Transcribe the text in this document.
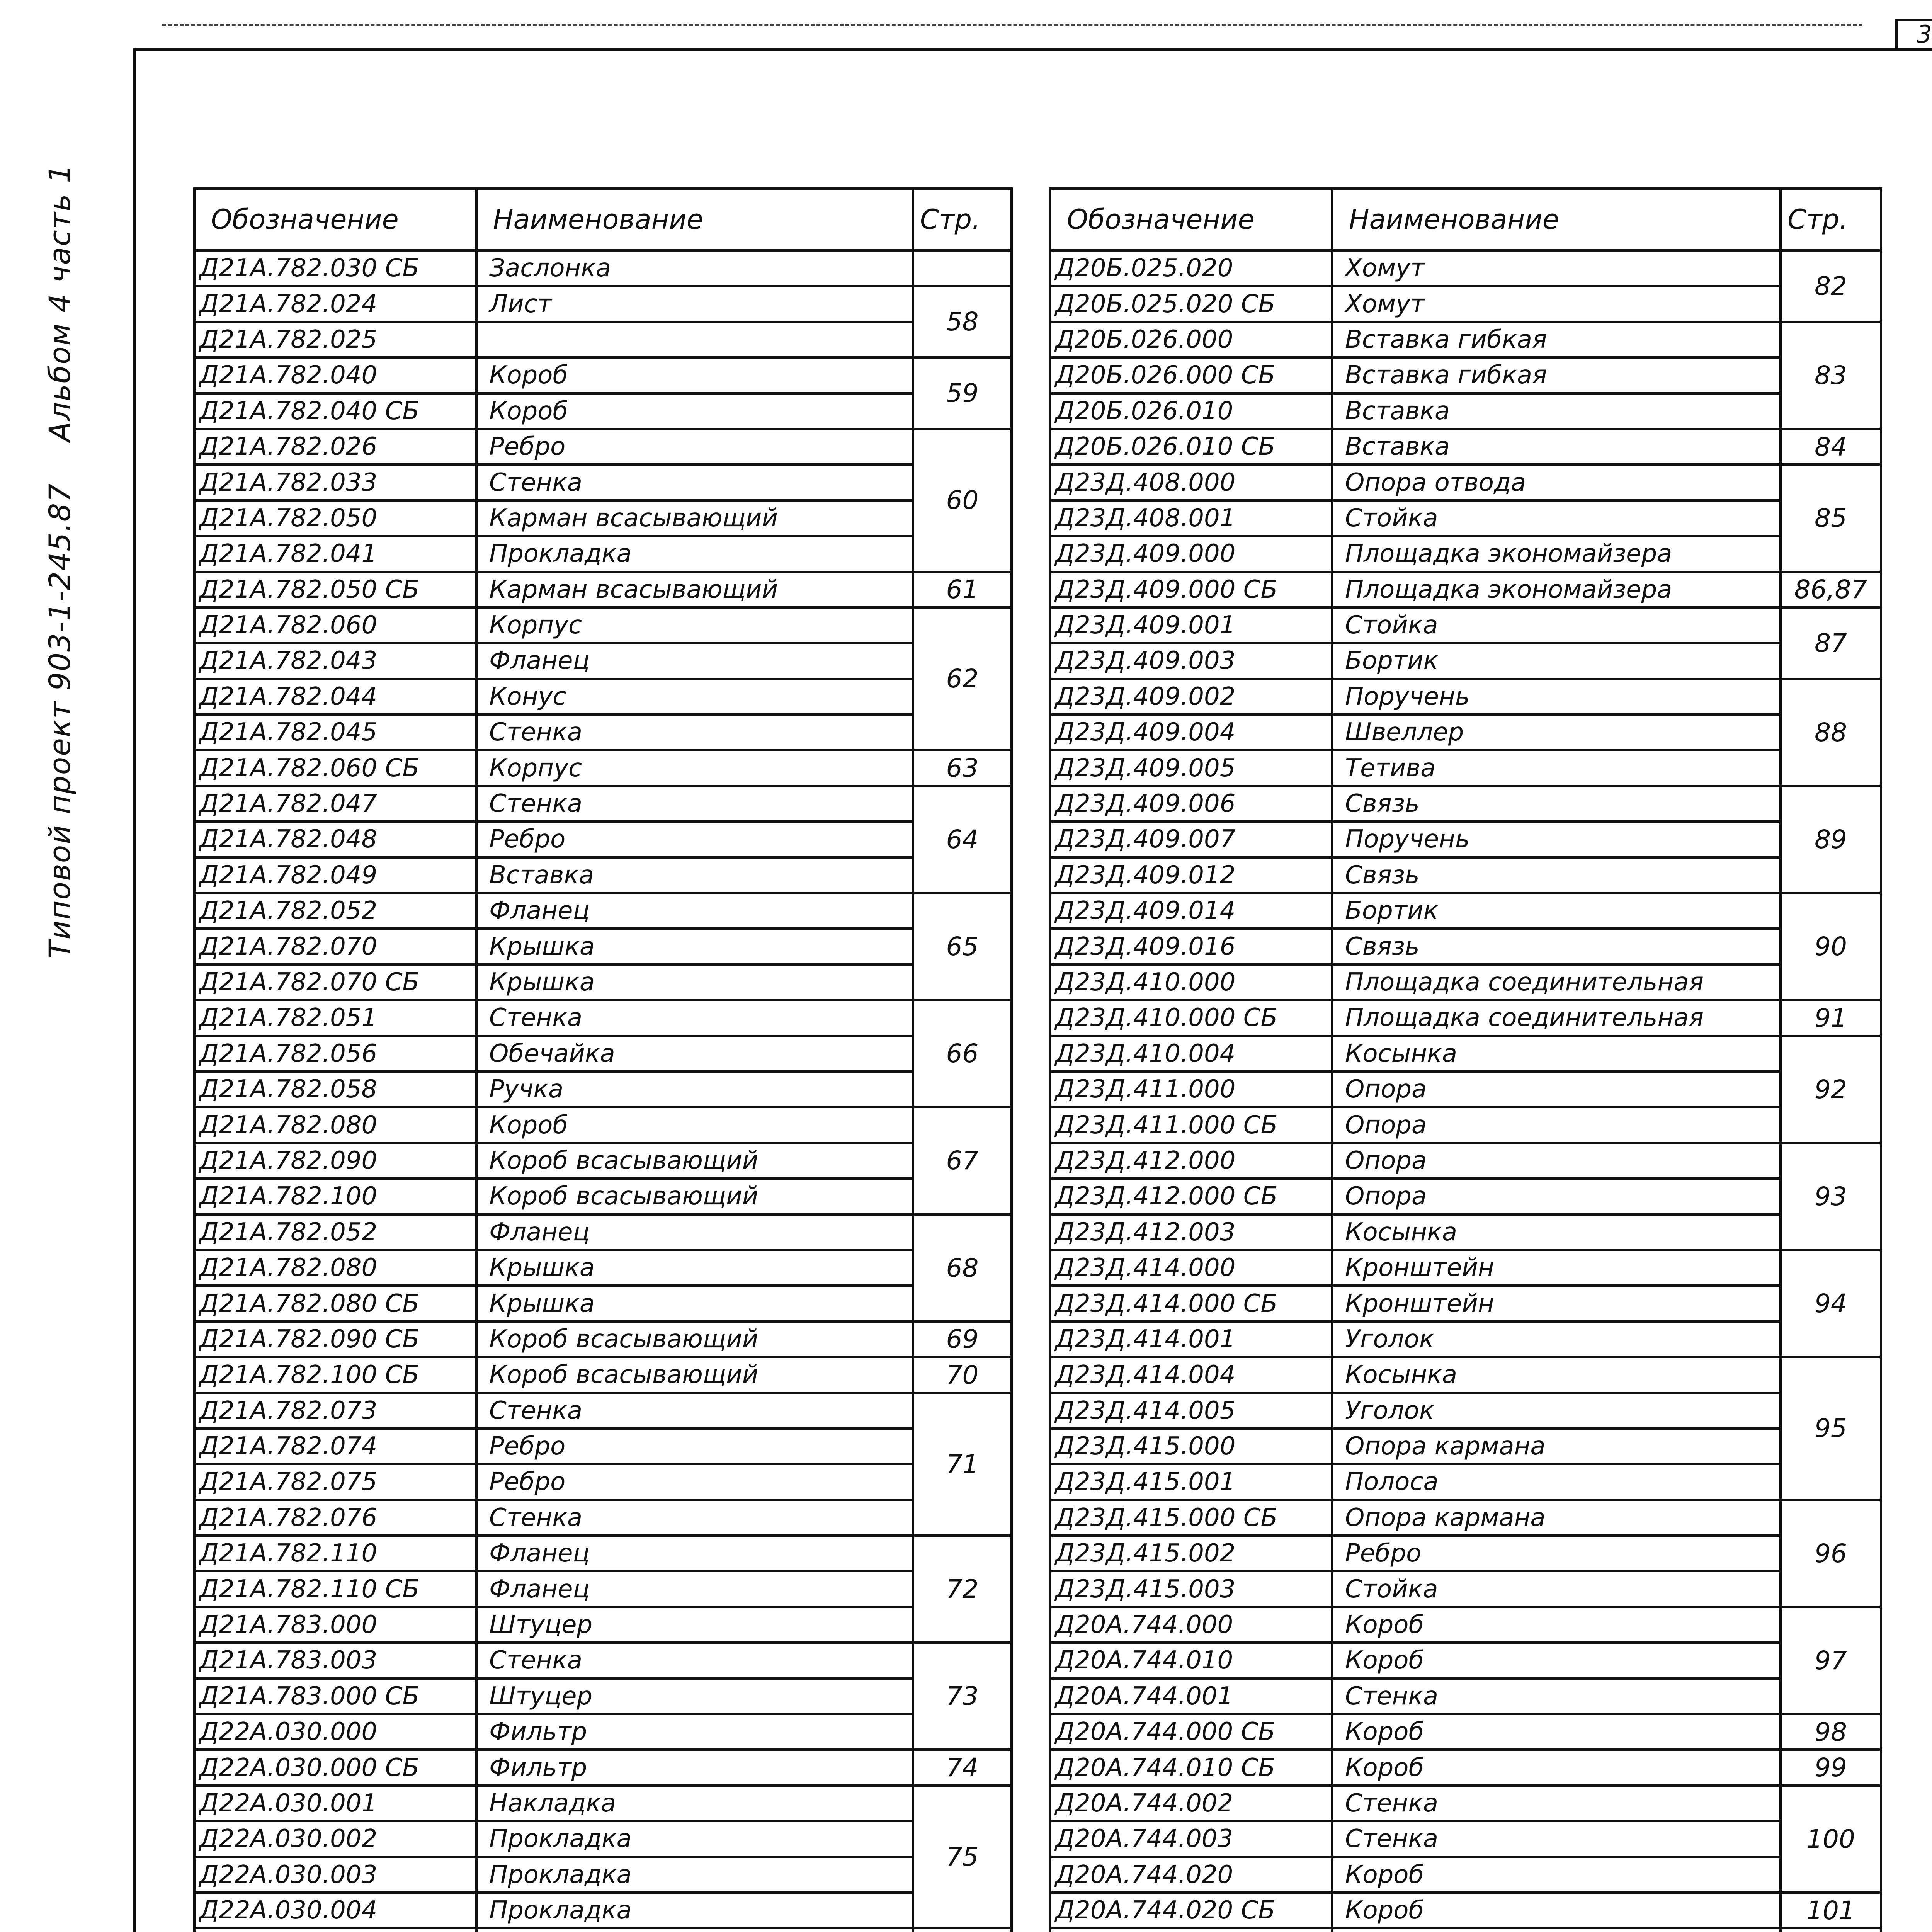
3
Типовой проект 903-1-245.87 Альбом 4 часть 1	Обозначение	Наименование	Стр.
Д21А.782.030 СБ	Заслонка	
Д21А.782.024	Лист	58
Д21А.782.025		
Д21А.782.040	Короб	59
Д21А.782.040 СБ	Короб	
Д21А.782.026	Ребро	60
Д21А.782.033	Стенка	
Д21А.782.050	Карман всасывающий	
Д21А.782.041	Прокладка	
Д21А.782.050 СБ	Карман всасывающий	61
Д21А.782.060	Корпус	62
Д21А.782.043	Фланец	
Д21А.782.044	Конус	
Д21А.782.045	Стенка	
Д21А.782.060 СБ	Корпус	63
Д21А.782.047	Стенка	64
Д21А.782.048	Ребро	
Д21А.782.049	Вставка	
Д21А.782.052	Фланец	65
Д21А.782.070	Крышка	
Д21А.782.070 СБ	Крышка	
Д21А.782.051	Стенка	66
Д21А.782.056	Обечайка	
Д21А.782.058	Ручка	
Д21А.782.080	Короб	67
Д21А.782.090	Короб всасывающий	
Д21А.782.100	Короб всасывающий	
Д21А.782.052	Фланец	68
Д21А.782.080	Крышка	
Д21А.782.080 СБ	Крышка	
Д21А.782.090 СБ	Короб всасывающий	69
Д21А.782.100 СБ	Короб всасывающий	70
Д21А.782.073	Стенка	71
Д21А.782.074	Ребро	
Д21А.782.075	Ребро	
Д21А.782.076	Стенка	
Д21А.782.110	Фланец	72
Д21А.782.110 СБ	Фланец	
Д21А.783.000	Штуцер	
Д21А.783.003	Стенка	73
Д21А.783.000 СБ	Штуцер	
Д22А.030.000	Фильтр	
Д22А.030.000 СБ	Фильтр	74
Д22А.030.001	Накладка	75
Д22А.030.002	Прокладка	
Д22А.030.003	Прокладка	
Д22А.030.004	Прокладка	

Обозначение	Наименование	Стр.
Д20Б.025.020	Хомут	82
Д20Б.025.020 СБ	Хомут	
Д20Б.026.000	Вставка гибкая	83
Д20Б.026.000 СБ	Вставка гибкая	
Д20Б.026.010	Вставка	
Д20Б.026.010 СБ	Вставка	84
Д23Д.408.000	Опора отвода	85
Д23Д.408.001	Стойка	
Д23Д.409.000	Площадка экономайзера	
Д23Д.409.000 СБ	Площадка экономайзера	86,87
Д23Д.409.001	Стойка	87
Д23Д.409.003	Бортик	
Д23Д.409.002	Поручень	88
Д23Д.409.004	Швеллер	
Д23Д.409.005	Тетива	
Д23Д.409.006	Связь	89
Д23Д.409.007	Поручень	
Д23Д.409.012	Связь	
Д23Д.409.014	Бортик	90
Д23Д.409.016	Связь	
Д23Д.410.000	Площадка соединительная	
Д23Д.410.000 СБ	Площадка соединительная	91
Д23Д.410.004	Косынка	92
Д23Д.411.000	Опора	
Д23Д.411.000 СБ	Опора	
Д23Д.412.000	Опора	93
Д23Д.412.000 СБ	Опора	
Д23Д.412.003	Косынка	
Д23Д.414.000	Кронштейн	94
Д23Д.414.000 СБ	Кронштейн	
Д23Д.414.001	Уголок	
Д23Д.414.004	Косынка	95
Д23Д.414.005	Уголок	
Д23Д.415.000	Опора кармана	
Д23Д.415.001	Полоса	
Д23Д.415.000 СБ	Опора кармана	96
Д23Д.415.002	Ребро	
Д23Д.415.003	Стойка	
Д20А.744.000	Короб	97
Д20А.744.010	Короб	
Д20А.744.001	Стенка	
Д20А.744.000 СБ	Короб	98
Д20А.744.010 СБ	Короб	99
Д20А.744.002	Стенка	100
Д20А.744.003	Стенка	
Д20А.744.020	Короб	
Д20А.744.020 СБ	Короб	101
